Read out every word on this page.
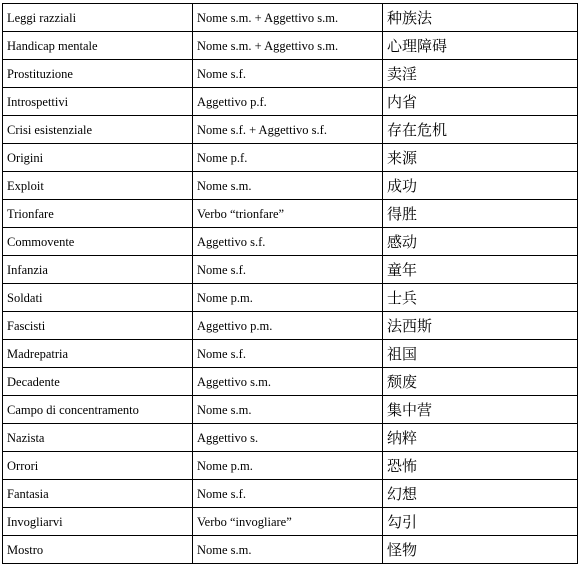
Leggi razziali	Nome s.m. + Aggettivo s.m.	种族法
Handicap mentale	Nome s.m. + Aggettivo s.m.	心理障碍
Prostituzione	Nome s.f.	卖淫
Introspettivi	Aggettivo p.f.	内省
Crisi esistenziale	Nome s.f. + Aggettivo s.f.	存在危机
Origini	Nome p.f.	来源
Exploit	Nome s.m.	成功
Trionfare	Verbo “trionfare”	得胜
Commovente	Aggettivo s.f.	感动
Infanzia	Nome s.f.	童年
Soldati	Nome p.m.	士兵
Fascisti	Aggettivo p.m.	法西斯
Madrepatria	Nome s.f.	祖国
Decadente	Aggettivo s.m.	颓废
Campo di concentramento	Nome s.m.	集中营
Nazista	Aggettivo s.	纳粹
Orrori	Nome p.m.	恐怖
Fantasia	Nome s.f.	幻想
Invogliarvi	Verbo “invogliare”	勾引
Mostro	Nome s.m.	怪物
